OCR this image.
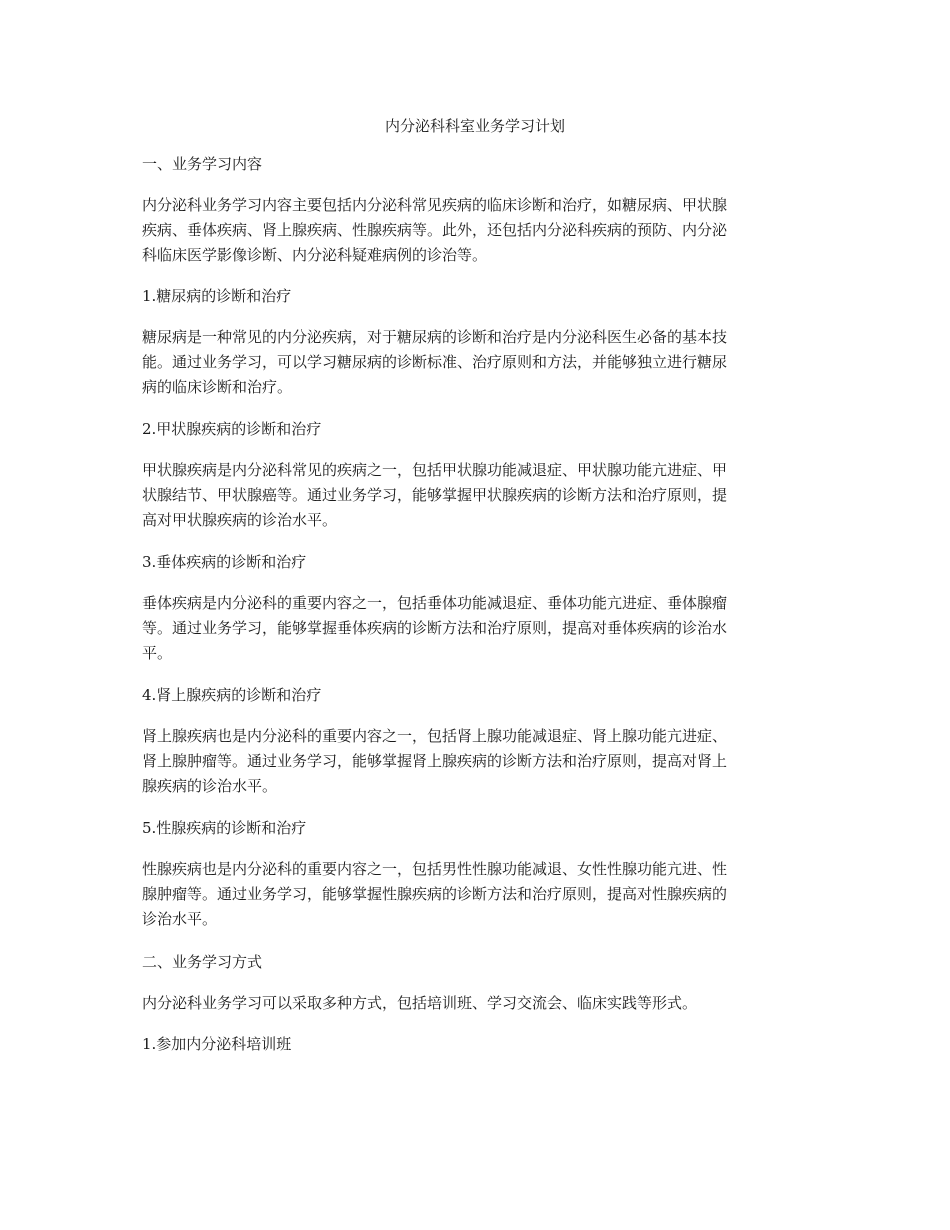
内分泌科科室业务学习计划
一、业务学习内容
内分泌科业务学习内容主要包括内分泌科常见疾病的临床诊断和治疗，如糖尿病、甲状腺
疾病、垂体疾病、肾上腺疾病、性腺疾病等。此外，还包括内分泌科疾病的预防、内分泌
科临床医学影像诊断、内分泌科疑难病例的诊治等。
1.糖尿病的诊断和治疗
糖尿病是一种常见的内分泌疾病，对于糖尿病的诊断和治疗是内分泌科医生必备的基本技
能。通过业务学习，可以学习糖尿病的诊断标准、治疗原则和方法，并能够独立进行糖尿
病的临床诊断和治疗。
2.甲状腺疾病的诊断和治疗
甲状腺疾病是内分泌科常见的疾病之一，包括甲状腺功能减退症、甲状腺功能亢进症、甲
状腺结节、甲状腺癌等。通过业务学习，能够掌握甲状腺疾病的诊断方法和治疗原则，提
高对甲状腺疾病的诊治水平。
3.垂体疾病的诊断和治疗
垂体疾病是内分泌科的重要内容之一，包括垂体功能减退症、垂体功能亢进症、垂体腺瘤
等。通过业务学习，能够掌握垂体疾病的诊断方法和治疗原则，提高对垂体疾病的诊治水
平。
4.肾上腺疾病的诊断和治疗
肾上腺疾病也是内分泌科的重要内容之一，包括肾上腺功能减退症、肾上腺功能亢进症、
肾上腺肿瘤等。通过业务学习，能够掌握肾上腺疾病的诊断方法和治疗原则，提高对肾上
腺疾病的诊治水平。
5.性腺疾病的诊断和治疗
性腺疾病也是内分泌科的重要内容之一，包括男性性腺功能减退、女性性腺功能亢进、性
腺肿瘤等。通过业务学习，能够掌握性腺疾病的诊断方法和治疗原则，提高对性腺疾病的
诊治水平。
二、业务学习方式
内分泌科业务学习可以采取多种方式，包括培训班、学习交流会、临床实践等形式。
1.参加内分泌科培训班
